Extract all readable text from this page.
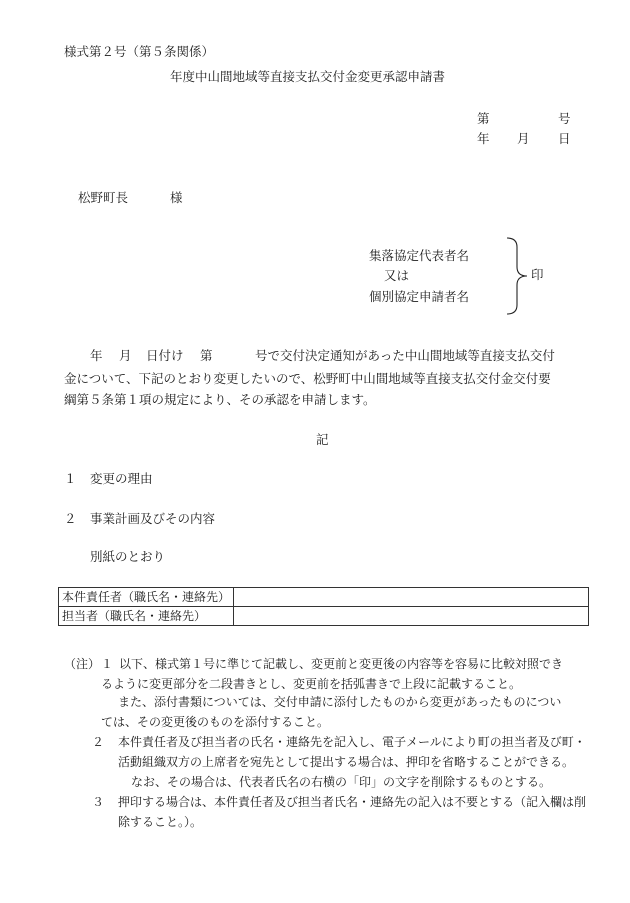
様式第２号（第５条関係）
年度中山間地域等直接支払交付金変更承認申請書
第	号
年 月 日
松野町長	様
集落協定代表者名
又は
個別協定申請者名
印
年 月 日付け 第	号で交付決定通知があった中山間地域等直接支払交付
金について、下記のとおり変更したいので、松野町中山間地域等直接支払交付金交付要
綱第５条第１項の規定により、その承認を申請します。
記
１ 変更の理由
２ 事業計画及びその内容
別紙のとおり
本件責任者（職氏名・連絡先）	
担当者（職氏名・連絡先）	
（注） １ 以下、様式第１号に準じて記載し、変更前と変更後の内容等を容易に比較対照でき
るように変更部分を二段書きとし、変更前を括弧書きで上段に記載すること。
また、添付書類については、交付申請に添付したものから変更があったものについ
ては、その変更後のものを添付すること。
２ 本件責任者及び担当者の氏名・連絡先を記入し、電子メールにより町の担当者及び町・
活動組織双方の上席者を宛先として提出する場合は、押印を省略することができる。
なお、その場合は、代表者氏名の右横の「印」の文字を削除するものとする。
３ 押印する場合は、本件責任者及び担当者氏名・連絡先の記入は不要とする（記入欄は削
除すること。）。
